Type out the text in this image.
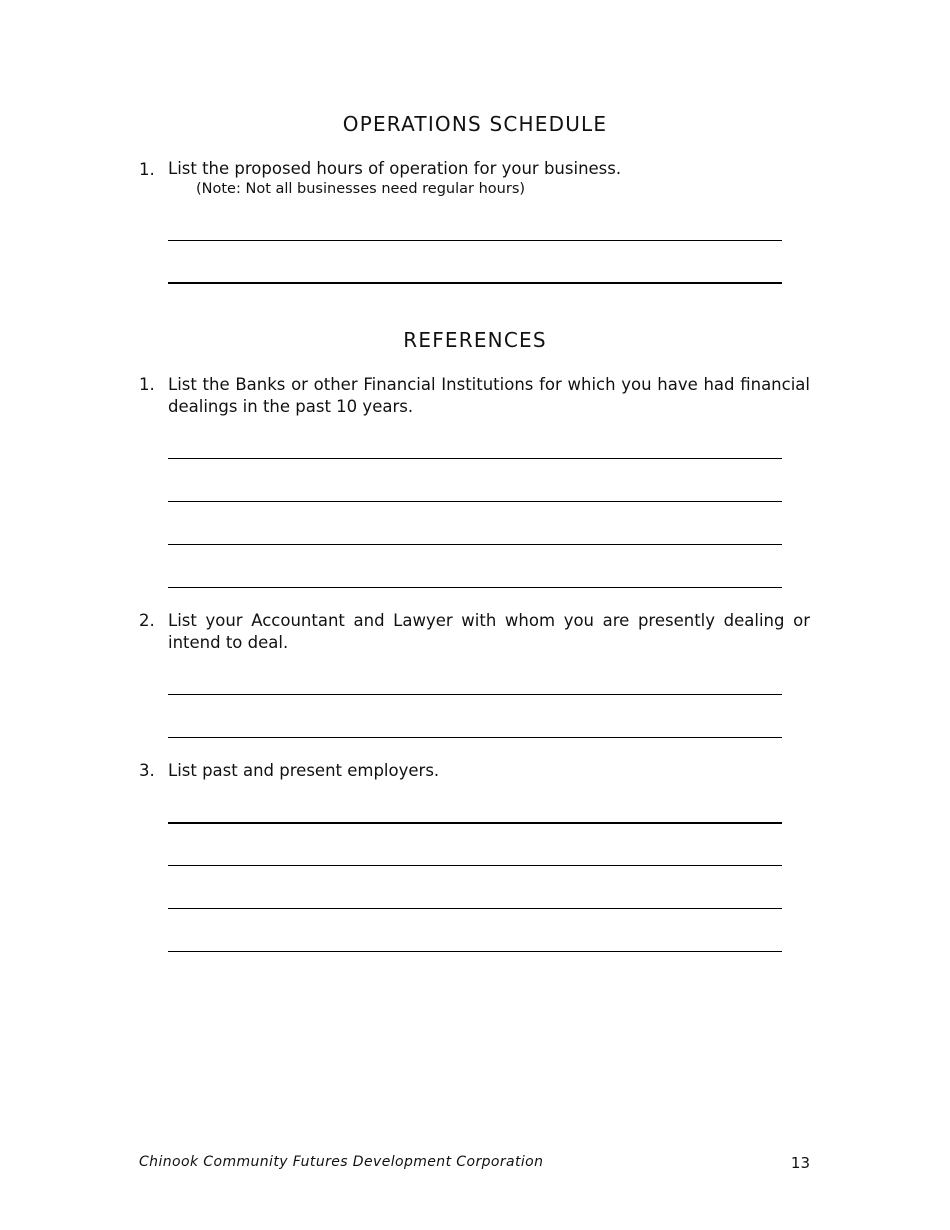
OPERATIONS SCHEDULE
1. List the proposed hours of operation for your business.
(Note: Not all businesses need regular hours)
REFERENCES
1. List the Banks or other Financial Institutions for which you have had financial dealings in the past 10 years.
2. List your Accountant and Lawyer with whom you are presently dealing or intend to deal.
3. List past and present employers.
Chinook Community Futures Development Corporation	13
